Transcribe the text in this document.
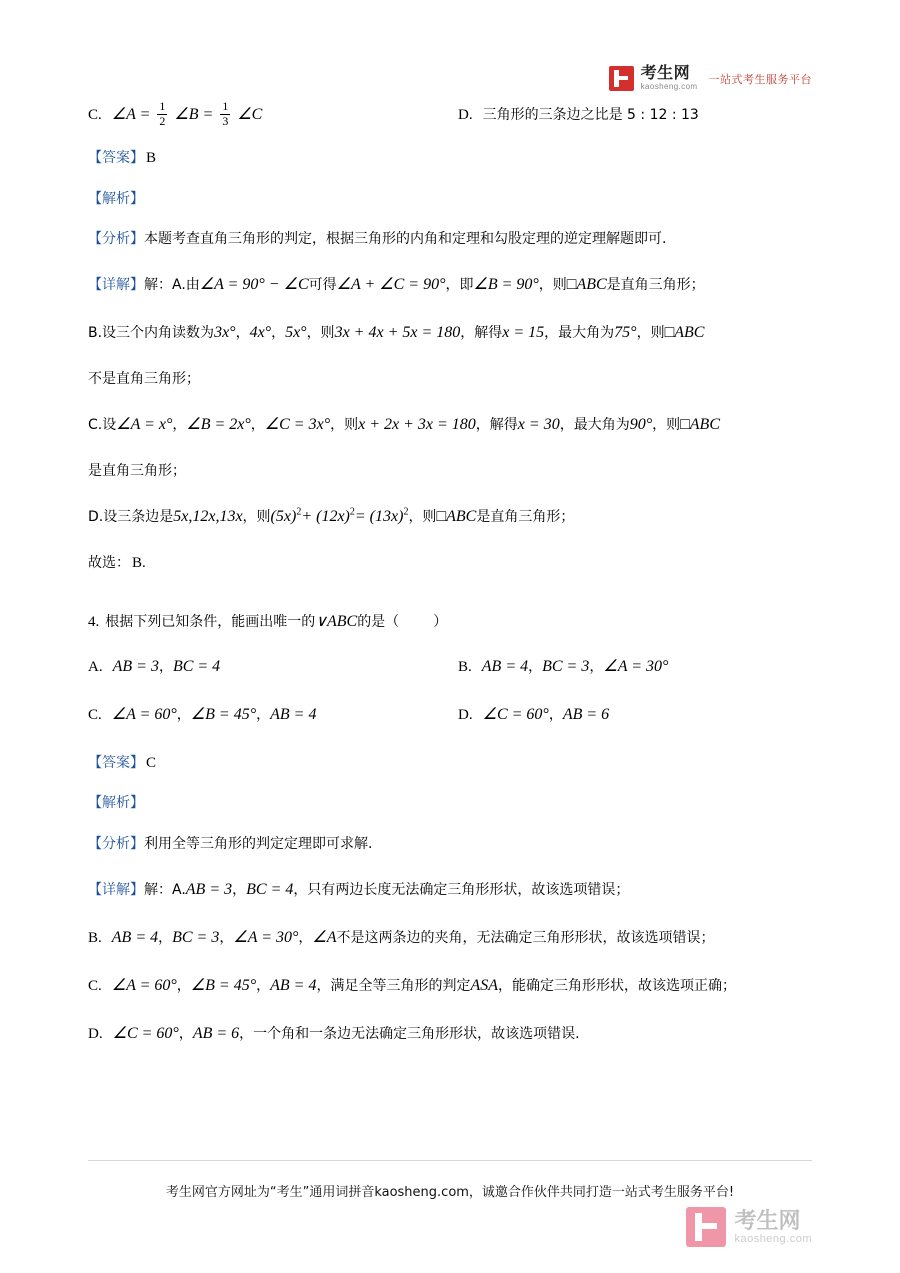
考生网
kaosheng.com
一站式考生服务平台
C. ∠A = $\frac{1}{2}$ ∠B = $\frac{1}{3}$ ∠C	D. 三角形的三条边之比是 5 : 12 : 13
【答案】 B
【解析】
【分析】 本题考查直角三角形的判定，根据三角形的内角和定理和勾股定理的逆定理解题即可.
【详解】 解：A.由 ∠A = 90° − ∠C 可得 ∠A + ∠C = 90° ，即 ∠B = 90° ，则 □ABC 是直角三角形；
B.设三个内角读数为 3x° ， 4x° ， 5x° ，则 3x + 4x + 5x = 180 ，解得 x = 15 ，最大角为 75° ，则 □ABC
不是直角三角形；
C.设 ∠A = x° ， ∠B = 2x° ， ∠C = 3x° ，则 x + 2x + 3x = 180 ，解得 x = 30 ，最大角为 90° ，则 □ABC
是直角三角形；
D.设三条边是 5x,12x,13x ，则 $(5x)^2+ (12x)^2= (13x)^2$ ，则 □ABC 是直角三角形；
故选： B.
4. 根据下列已知条件，能画出唯一的 ∨ABC 的是（ ）
A. AB = 3 ， BC = 4	B. AB = 4 ， BC = 3 ， ∠A = 30°
C. ∠A = 60° ， ∠B = 45° ， AB = 4	D. ∠C = 60° ， AB = 6
【答案】 C
【解析】
【分析】 利用全等三角形的判定定理即可求解.
【详解】 解：A. AB = 3 ， BC = 4 ，只有两边长度无法确定三角形形状，故该选项错误；
B. AB = 4 ， BC = 3 ， ∠A = 30° ， ∠A 不是这两条边的夹角，无法确定三角形形状，故该选项错误；
C. ∠A = 60° ， ∠B = 45° ， AB = 4 ，满足全等三角形的判定 ASA ，能确定三角形形状，故该选项正确；
D. ∠C = 60° ， AB = 6 ，一个角和一条边无法确定三角形形状，故该选项错误.
考生网官方网址为“考生”通用词拼音kaosheng.com，诚邀合作伙伴共同打造一站式考生服务平台!
考生网
kaosheng.com
